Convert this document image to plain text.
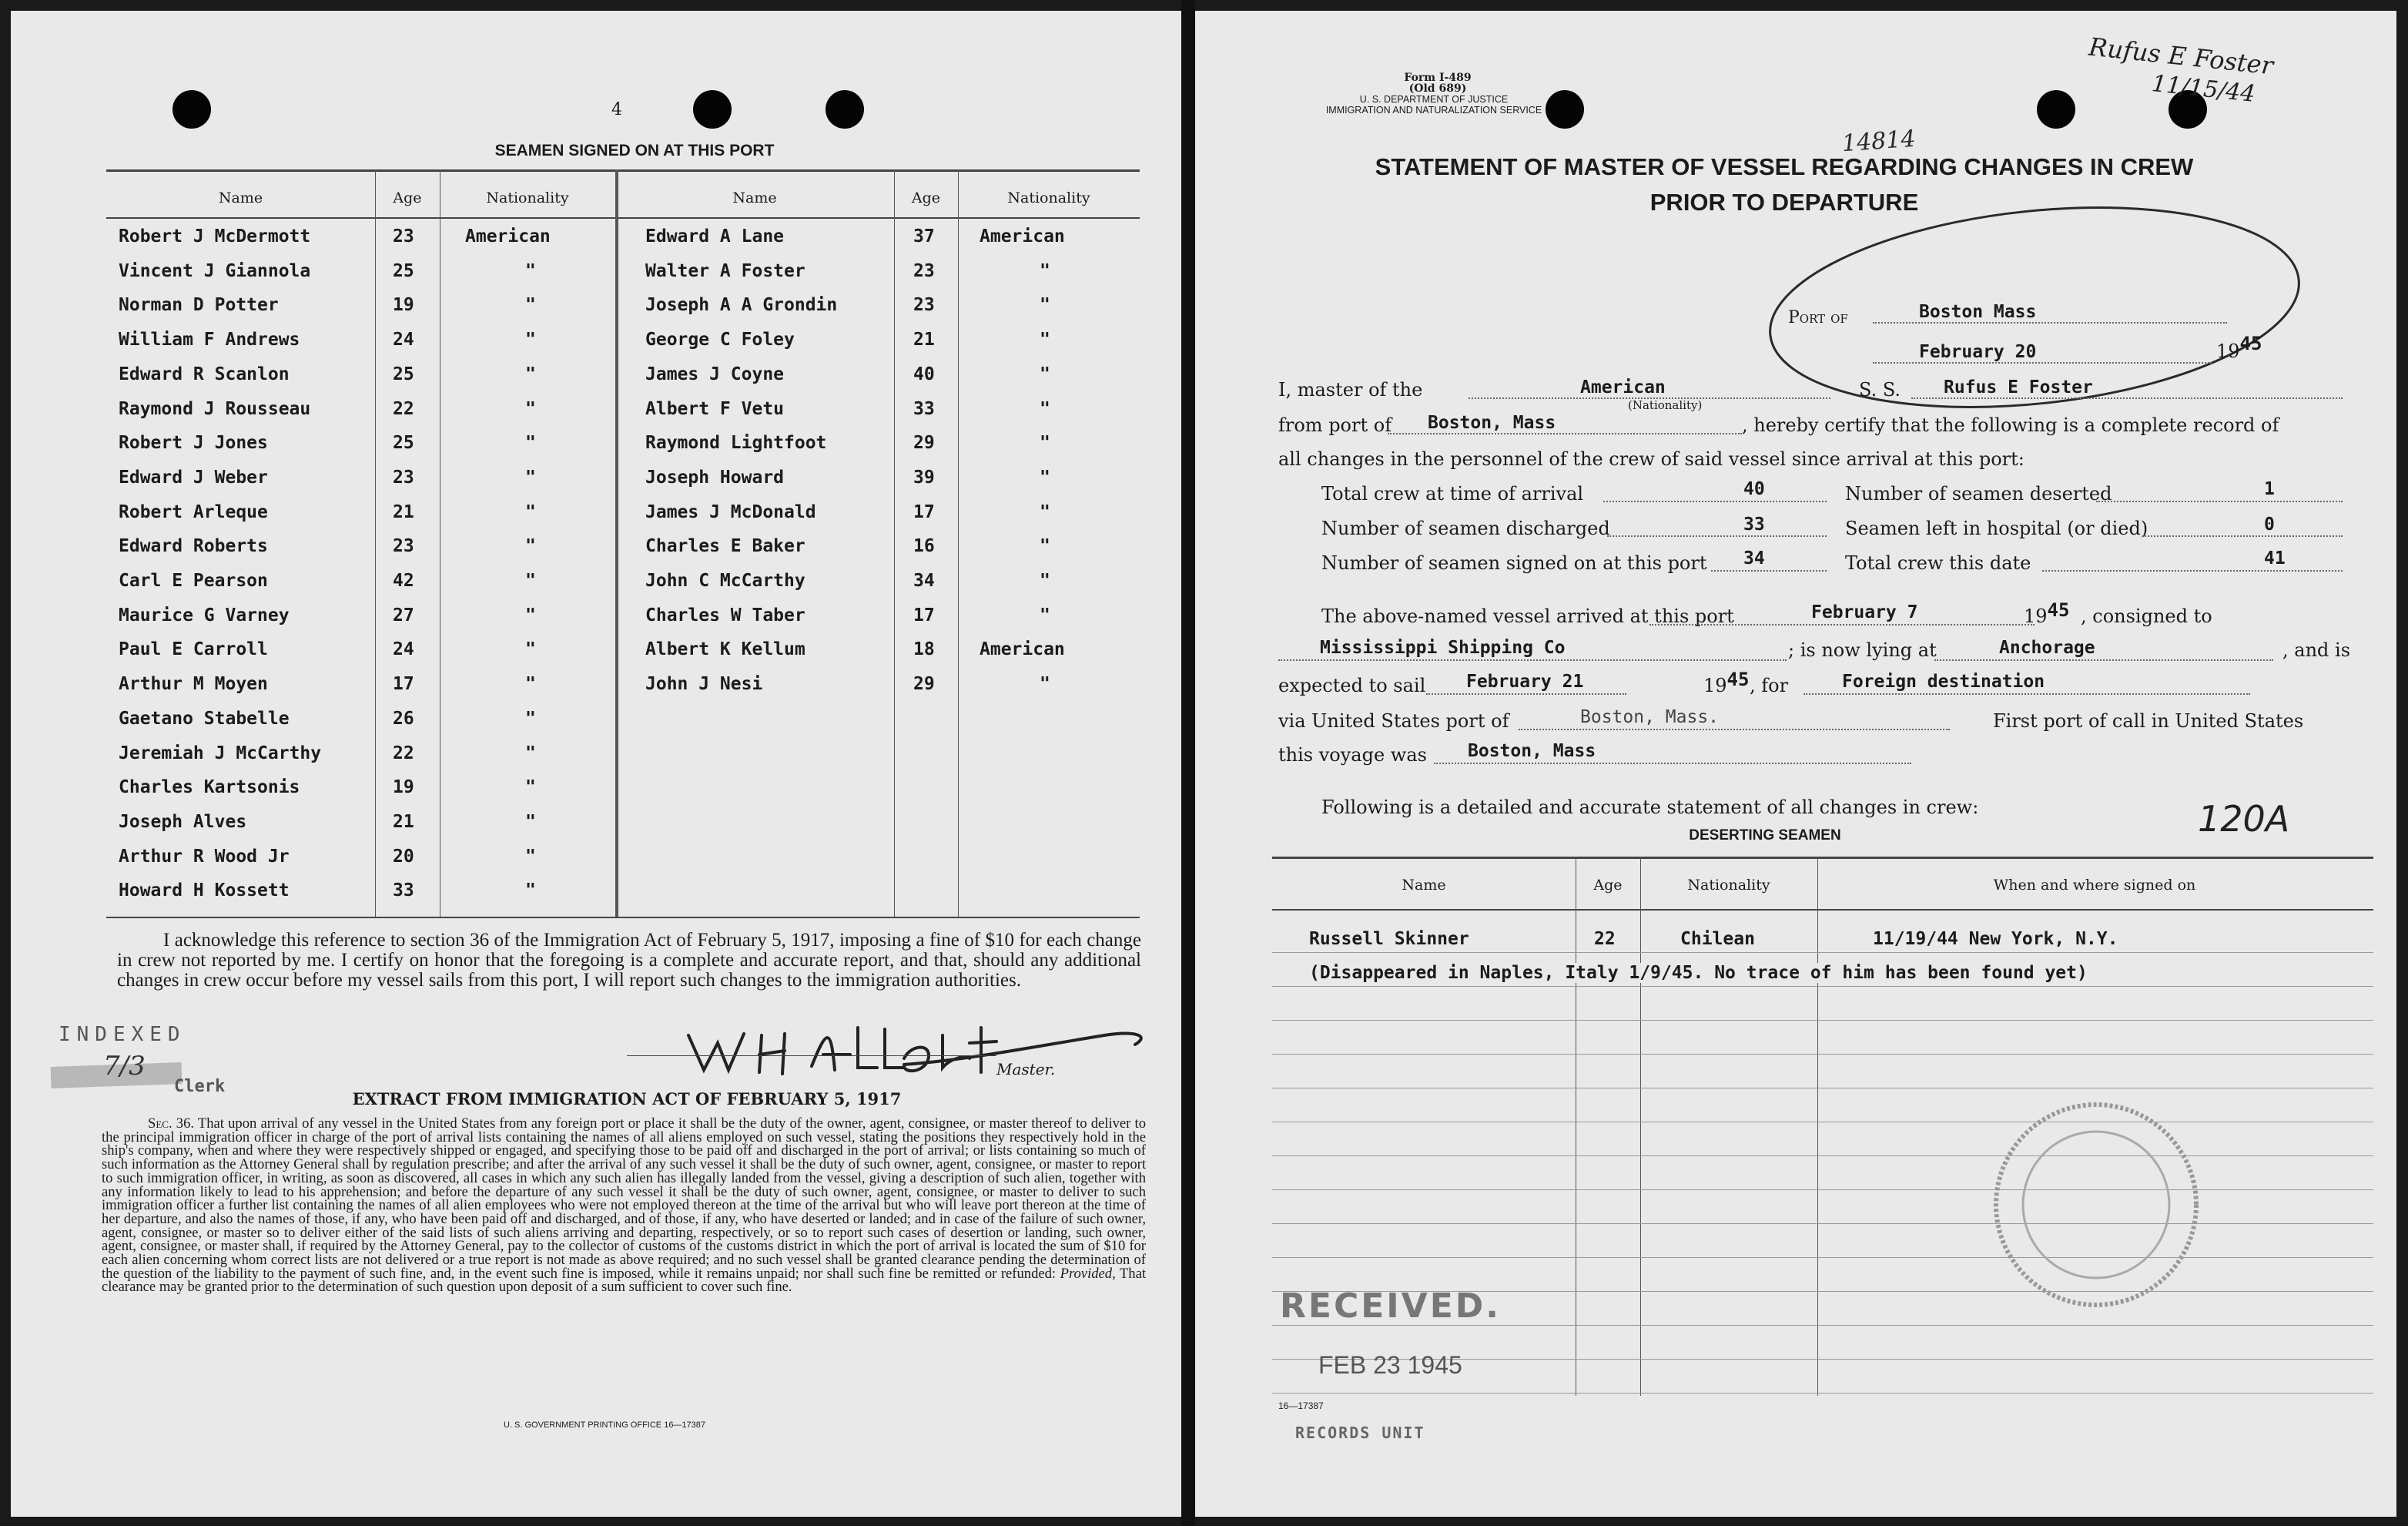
4
SEAMEN SIGNED ON AT THIS PORT
Name	Age	Nationality	Name	Age	Nationality
Robert J McDermott	23	American
Vincent J Giannola	25	"
Norman D Potter	19	"
William F Andrews	24	"
Edward R Scanlon	25	"
Raymond J Rousseau	22	"
Robert J Jones	25	"
Edward J Weber	23	"
Robert Arleque	21	"
Edward Roberts	23	"
Carl E Pearson	42	"
Maurice G Varney	27	"
Paul E Carroll	24	"
Arthur M Moyen	17	"
Gaetano Stabelle	26	"
Jeremiah J McCarthy	22	"
Charles Kartsonis	19	"
Joseph Alves	21	"
Arthur R Wood Jr	20	"
Howard H Kossett	33	"
Edward A Lane	37	American
Walter A Foster	23	"
Joseph A A Grondin	23	"
George C Foley	21	"
James J Coyne	40	"
Albert F Vetu	33	"
Raymond Lightfoot	29	"
Joseph Howard	39	"
James J McDonald	17	"
Charles E Baker	16	"
John C McCarthy	34	"
Charles W Taber	17	"
Albert K Kellum	18	American
John J Nesi	29	"
I acknowledge this reference to section 36 of the Immigration Act of February 5, 1917, imposing a fine of $10 for each change in crew not reported by me. I certify on honor that the foregoing is a complete and accurate report, and that, should any additional changes in crew occur before my vessel sails from this port, I will report such changes to the immigration authorities.
INDEXED
Clerk
7/3	Master.
EXTRACT FROM IMMIGRATION ACT OF FEBRUARY 5, 1917
Sec. 36. That upon arrival of any vessel in the United States from any foreign port or place it shall be the duty of the owner, agent, consignee, or master thereof to deliver to the principal immigration officer in charge of the port of arrival lists containing the names of all aliens employed on such vessel, stating the positions they respectively hold in the ship's company, when and where they were respectively shipped or engaged, and specifying those to be paid off and discharged in the port of arrival; or lists containing so much of such information as the Attorney General shall by regulation prescribe; and after the arrival of any such vessel it shall be the duty of such owner, agent, consignee, or master to report to such immigration officer, in writing, as soon as discovered, all cases in which any such alien has illegally landed from the vessel, giving a description of such alien, together with any information likely to lead to his apprehension; and before the departure of any such vessel it shall be the duty of such owner, agent, consignee, or master to deliver to such immigration officer a further list containing the names of all alien employees who were not employed thereon at the time of the arrival but who will leave port thereon at the time of her departure, and also the names of those, if any, who have been paid off and discharged, and of those, if any, who have deserted or landed; and in case of the failure of such owner, agent, consignee, or master so to deliver either of the said lists of such aliens arriving and departing, respectively, or so to report such cases of desertion or landing, such owner, agent, consignee, or master shall, if required by the Attorney General, pay to the collector of customs of the customs district in which the port of arrival is located the sum of $10 for each alien concerning whom correct lists are not delivered or a true report is not made as above required; and no such vessel shall be granted clearance pending the determination of the question of the liability to the payment of such fine, and, in the event such fine is imposed, while it remains unpaid; nor shall such fine be remitted or refunded: Provided, That clearance may be granted prior to the determination of such question upon deposit of a sum sufficient to cover such fine.
U. S. GOVERNMENT PRINTING OFFICE 16—17387
Form I-489
(Old 689)
U. S. DEPARTMENT OF JUSTICE
IMMIGRATION AND NATURALIZATION SERVICE
14814
Rufus E Foster
11/15/44
STATEMENT OF MASTER OF VESSEL REGARDING CHANGES IN CREW
PRIOR TO DEPARTURE
Port of	Boston Mass
February 20	1945
I, master of the	American
(Nationality)
S. S. Rufus E Foster
from port of Boston, Mass	, hereby certify that the following is a complete record of
all changes in the personnel of the crew of said vessel since arrival at this port:
Total crew at time of arrival	40	Number of seamen deserted	1
Number of seamen discharged	33	Seamen left in hospital (or died)	0
Number of seamen signed on at this port 34	Total crew this date	41
The above-named vessel arrived at this port	February 7	1945 , consigned to
Mississippi Shipping Co	; is now lying at	Anchorage	, and is
expected to sail February 21	1945 , for	Foreign destination
via United States port of	Boston, Mass.	First port of call in United States
this voyage was Boston, Mass
Following is a detailed and accurate statement of all changes in crew:	120A
DESERTING SEAMEN
Name	Age	Nationality	When and where signed on
Russell Skinner	22	Chilean	11/19/44 New York, N.Y.
(Disappeared in Naples, Italy 1/9/45. No trace of him has been found yet)
RECEIVED.
FEB 23 1945
16—17387
RECORDS UNIT
